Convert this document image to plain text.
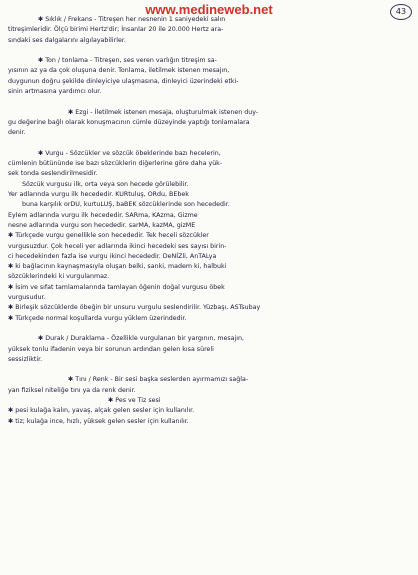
www.medineweb.net	43
✱ Sıklık / Frekans - Titreşen her nesnenin 1 saniyedeki salın
titreşimleridir. Ölçü birimi Hertz'dir; İnsanlar 20 ile 20.000 Hertz ara-
sındaki ses dalgalarını algılayabilirler.
✱ Ton / tonlama - Titreşen, ses veren varlığın titreşim sa-
yısının az ya da çok oluşuna denir. Tonlama, iletilmek istenen mesajın,
duygunun doğru şekilde dinleyiciye ulaşmasına, dinleyici üzerindeki etki-
sinin artmasına yardımcı olur.
✱ Ezgi - İletilmek istenen mesaja, oluşturulmak istenen duy-
gu değerine bağlı olarak konuşmacının cümle düzeyinde yaptığı tonlamalara
denir.
✱ Vurgu - Sözcükler ve sözcük öbeklerinde bazı hecelerin,
cümlenin bütününde ise bazı sözcüklerin diğerlerine göre daha yük-
sek tonda seslendirilmesidir.
Sözcük vurgusu ilk, orta veya son hecede görülebilir.
Yer adlarında vurgu ilk hecededir. KURtuluş, ORdu, BEbek
buna karşılık orDU, kurtuLUŞ, baBEK sözcüklerinde son hecededir.
Eylem adlarında vurgu ilk hecededir. SARma, KAzma, Gizme
nesne adlarında vurgu son hecededir. sarMA, kazMA, gizME
✱ Türkçede vurgu genellikle son hecededir. Tek heceli sözcükler
vurgusuzdur. Çok heceli yer adlarında ikinci hecedeki ses sayısı birin-
ci hecedekinden fazla ise vurgu ikinci hecededir. DeNİZli, AnTALya
✱ ki bağlacının kaynaşmasıyla oluşan belki, sanki, madem ki, halbuki
sözcüklerindeki ki vurgulanmaz.
✱ İsim ve sıfat tamlamalarında tamlayan öğenin doğal vurgusu öbek
vurgusudur.
✱ Birleşik sözcüklerde öbeğin bir unsuru vurgulu seslendirilir. Yüzbaşı, ASTsubay
✱ Türkçede normal koşullarda vurgu yüklem üzerindedir.
✱ Durak / Duraklama - Özellikle vurgulanan bir yargının, mesajın,
yüksek tonlu ifadenin veya bir sorunun ardından gelen kısa süreli
sessizliktir.
✱ Tını / Renk - Bir sesi başka seslerden ayırmamızı sağla-
yan fiziksel niteliğe tını ya da renk denir.
✱ Pes ve Tiz sesi
✱ pesi kulağa kalın, yavaş, alçak gelen sesler için kullanılır.
✱ tiz; kulağa ince, hızlı, yüksek gelen sesler için kullanılır.
